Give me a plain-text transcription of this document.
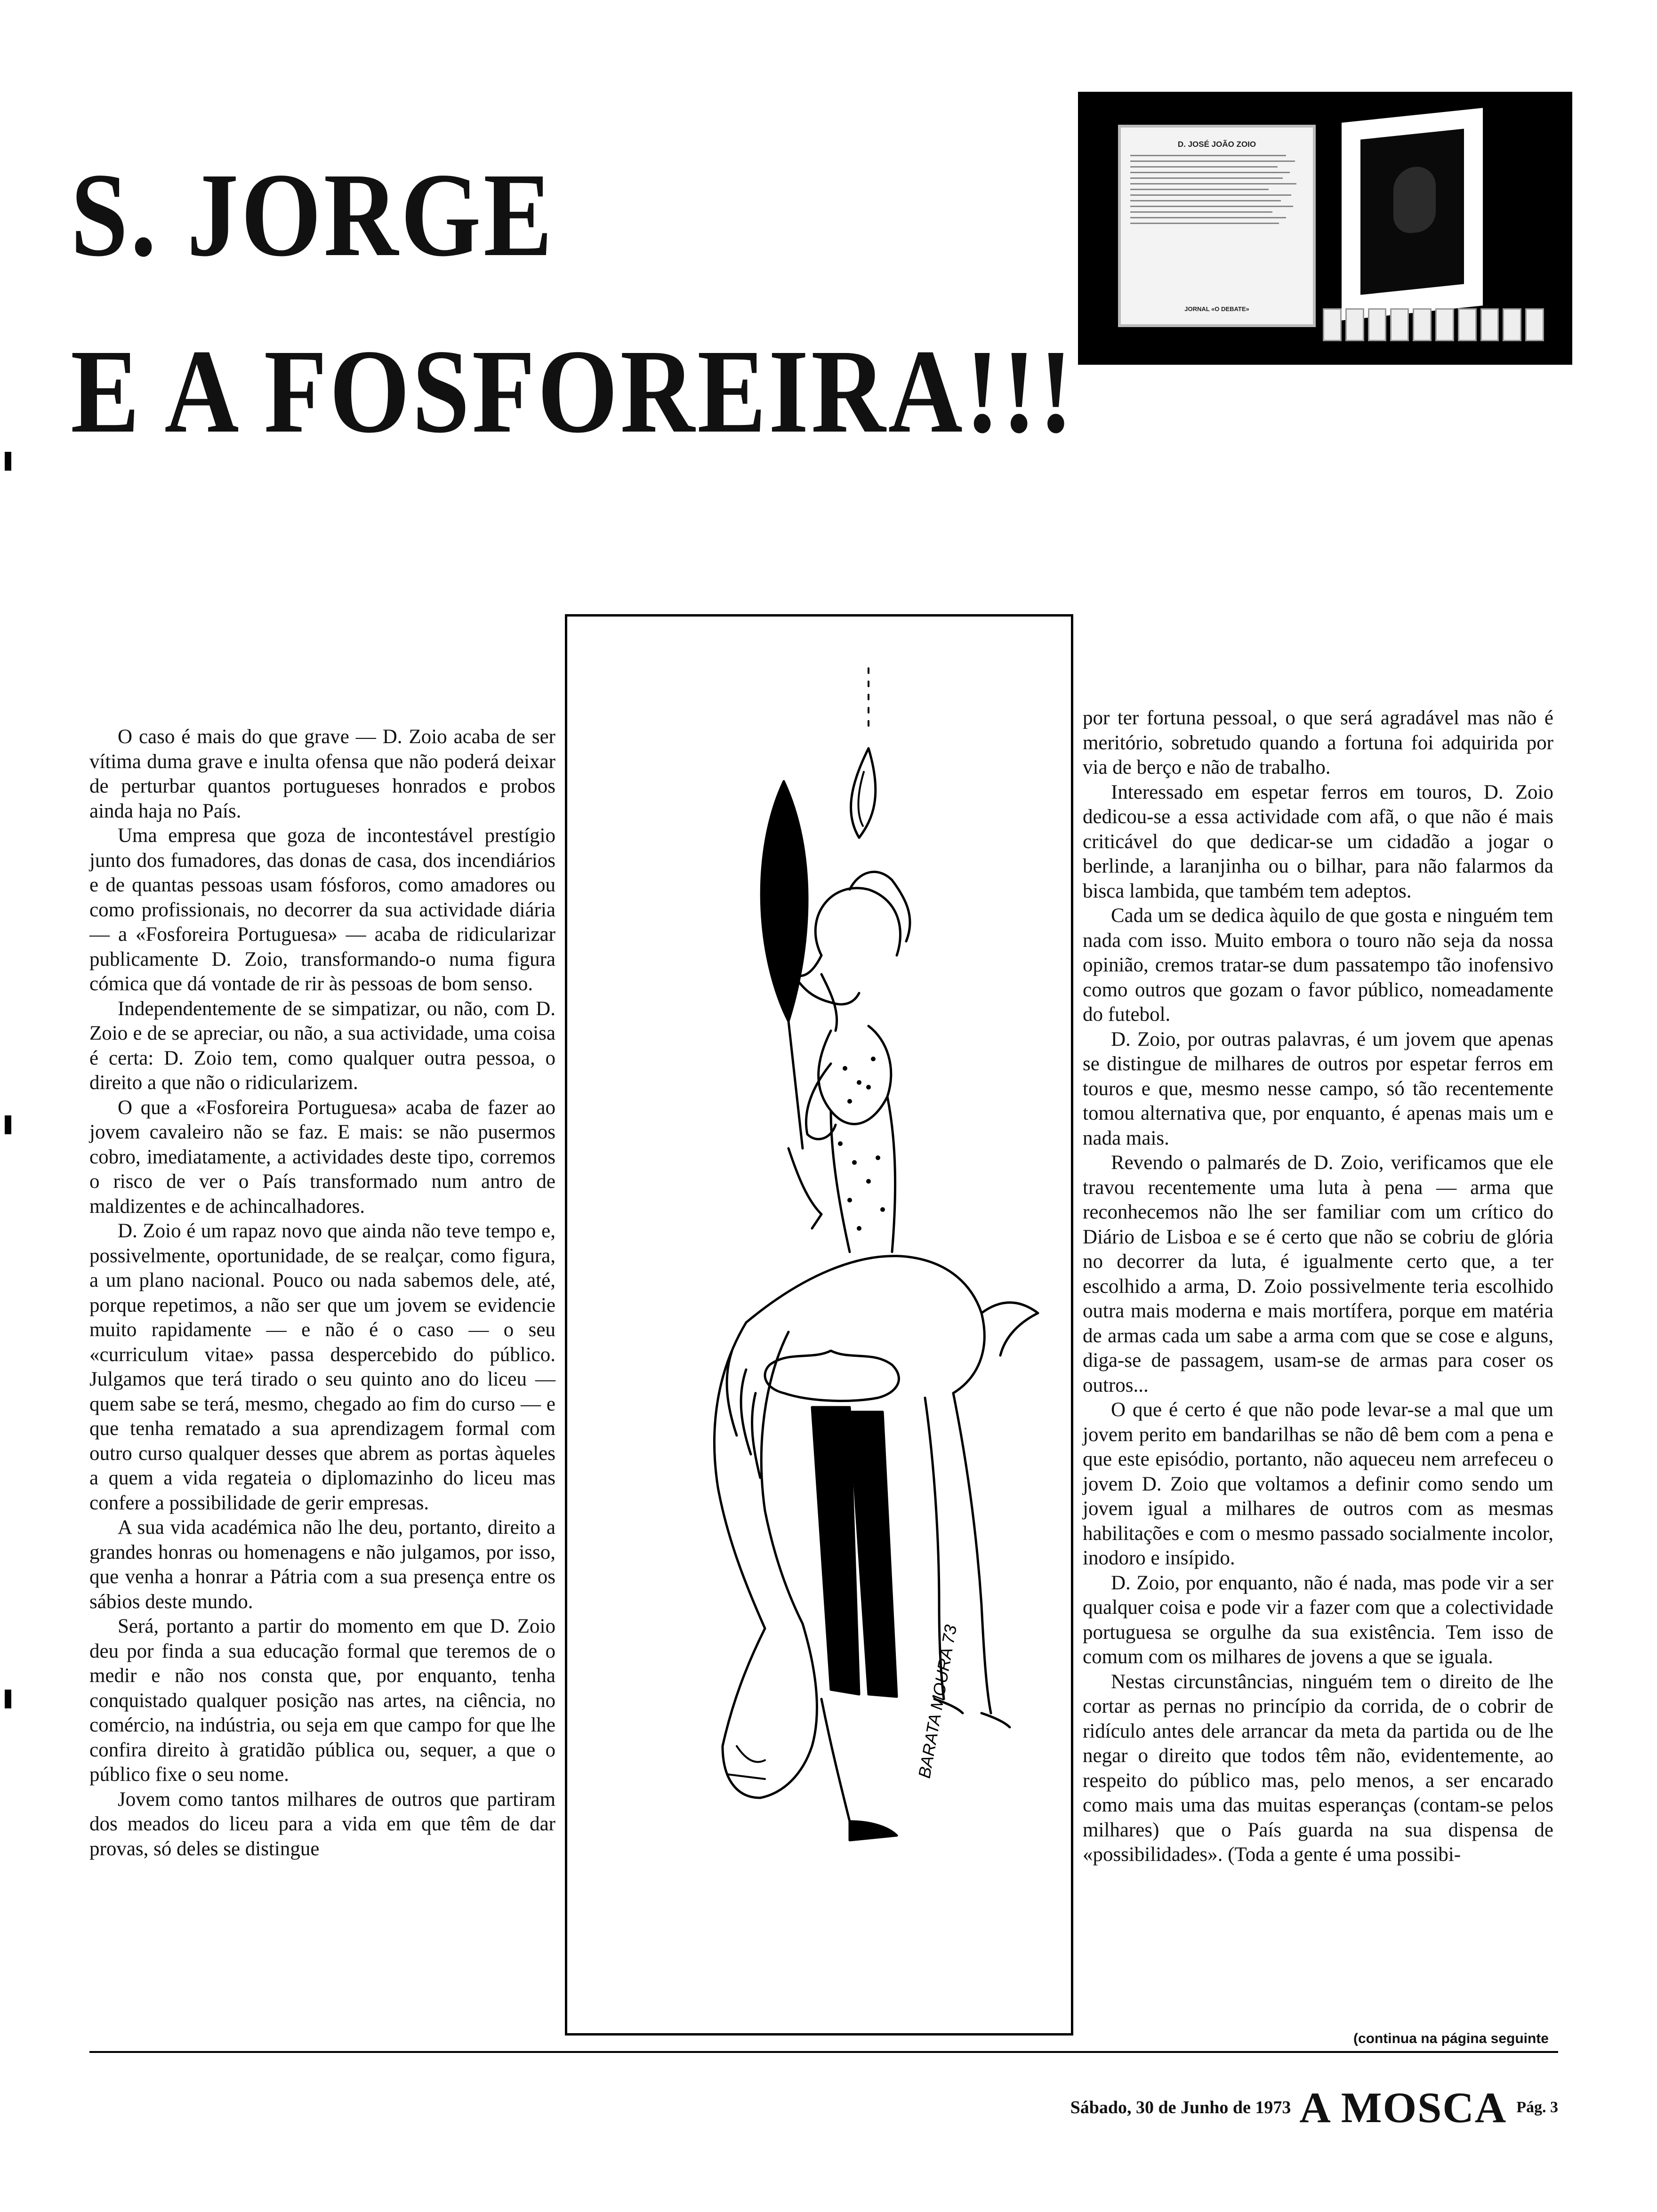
S. JORGE
E A FOSFOREIRA!!!
D. JOSÉ JOÃO ZOIO
JORNAL «O DEBATE»

O caso é mais do que grave — D. Zoio acaba de ser vítima duma grave e inulta ofensa que não poderá deixar de perturbar quantos portugueses honrados e probos ainda haja no País.

Uma empresa que goza de incontestável prestígio junto dos fumadores, das donas de casa, dos incendiários e de quantas pessoas usam fósforos, como amadores ou como profissionais, no decorrer da sua actividade diária — a «Fosforeira Portuguesa» — acaba de ridicularizar publicamente D. Zoio, transformando-o numa figura cómica que dá vontade de rir às pessoas de bom senso.

Independentemente de se simpatizar, ou não, com D. Zoio e de se apreciar, ou não, a sua actividade, uma coisa é certa: D. Zoio tem, como qualquer outra pessoa, o direito a que não o ridicularizem.

O que a «Fosforeira Portuguesa» acaba de fazer ao jovem cavaleiro não se faz. E mais: se não pusermos cobro, imediatamente, a actividades deste tipo, corremos o risco de ver o País transformado num antro de maldizentes e de achincalhadores.

D. Zoio é um rapaz novo que ainda não teve tempo e, possivelmente, oportunidade, de se realçar, como figura, a um plano nacional. Pouco ou nada sabemos dele, até, porque repetimos, a não ser que um jovem se evidencie muito rapidamente — e não é o caso — o seu «curriculum vitae» passa despercebido do público. Julgamos que terá tirado o seu quinto ano do liceu — quem sabe se terá, mesmo, chegado ao fim do curso — e que tenha rematado a sua aprendizagem formal com outro curso qualquer desses que abrem as portas àqueles a quem a vida regateia o diplomazinho do liceu mas confere a possibilidade de gerir empresas.

A sua vida académica não lhe deu, portanto, direito a grandes honras ou homenagens e não julgamos, por isso, que venha a honrar a Pátria com a sua presença entre os sábios deste mundo.

Será, portanto a partir do momento em que D. Zoio deu por finda a sua educação formal que teremos de o medir e não nos consta que, por enquanto, tenha conquistado qualquer posição nas artes, na ciência, no comércio, na indústria, ou seja em que campo for que lhe confira direito à gratidão pública ou, sequer, a que o público fixe o seu nome.

Jovem como tantos milhares de outros que partiram dos meados do liceu para a vida em que têm de dar provas, só deles se distingue

BARATA MOURA 73

por ter fortuna pessoal, o que será agradável mas não é meritório, sobretudo quando a fortuna foi adquirida por via de berço e não de trabalho.

Interessado em espetar ferros em touros, D. Zoio dedicou-se a essa actividade com afã, o que não é mais criticável do que dedicar-se um cidadão a jogar o berlinde, a laranjinha ou o bilhar, para não falarmos da bisca lambida, que também tem adeptos.

Cada um se dedica àquilo de que gosta e ninguém tem nada com isso. Muito embora o touro não seja da nossa opinião, cremos tratar-se dum passatempo tão inofensivo como outros que gozam o favor público, nomeadamente do futebol.

D. Zoio, por outras palavras, é um jovem que apenas se distingue de milhares de outros por espetar ferros em touros e que, mesmo nesse campo, só tão recentemente tomou alternativa que, por enquanto, é apenas mais um e nada mais.

Revendo o palmarés de D. Zoio, verificamos que ele travou recentemente uma luta à pena — arma que reconhecemos não lhe ser familiar com um crítico do Diário de Lisboa e se é certo que não se cobriu de glória no decorrer da luta, é igualmente certo que, a ter escolhido a arma, D. Zoio possivelmente teria escolhido outra mais moderna e mais mortífera, porque em matéria de armas cada um sabe a arma com que se cose e alguns, diga-se de passagem, usam-se de armas para coser os outros...

O que é certo é que não pode levar-se a mal que um jovem perito em bandarilhas se não dê bem com a pena e que este episódio, portanto, não aqueceu nem arrefeceu o jovem D. Zoio que voltamos a definir como sendo um jovem igual a milhares de outros com as mesmas habilitações e com o mesmo passado socialmente incolor, inodoro e insípido.

D. Zoio, por enquanto, não é nada, mas pode vir a ser qualquer coisa e pode vir a fazer com que a colectividade portuguesa se orgulhe da sua existência. Tem isso de comum com os milhares de jovens a que se iguala.

Nestas circunstâncias, ninguém tem o direito de lhe cortar as pernas no princípio da corrida, de o cobrir de ridículo antes dele arrancar da meta da partida ou de lhe negar o direito que todos têm não, evidentemente, ao respeito do público mas, pelo menos, a ser encarado como mais uma das muitas esperanças (contam-se pelos milhares) que o País guarda na sua dispensa de «possibilidades». (Toda a gente é uma possibi-

(continua na página seguinte
Sábado, 30 de Junho de 1973 A MOSCA Pág. 3
